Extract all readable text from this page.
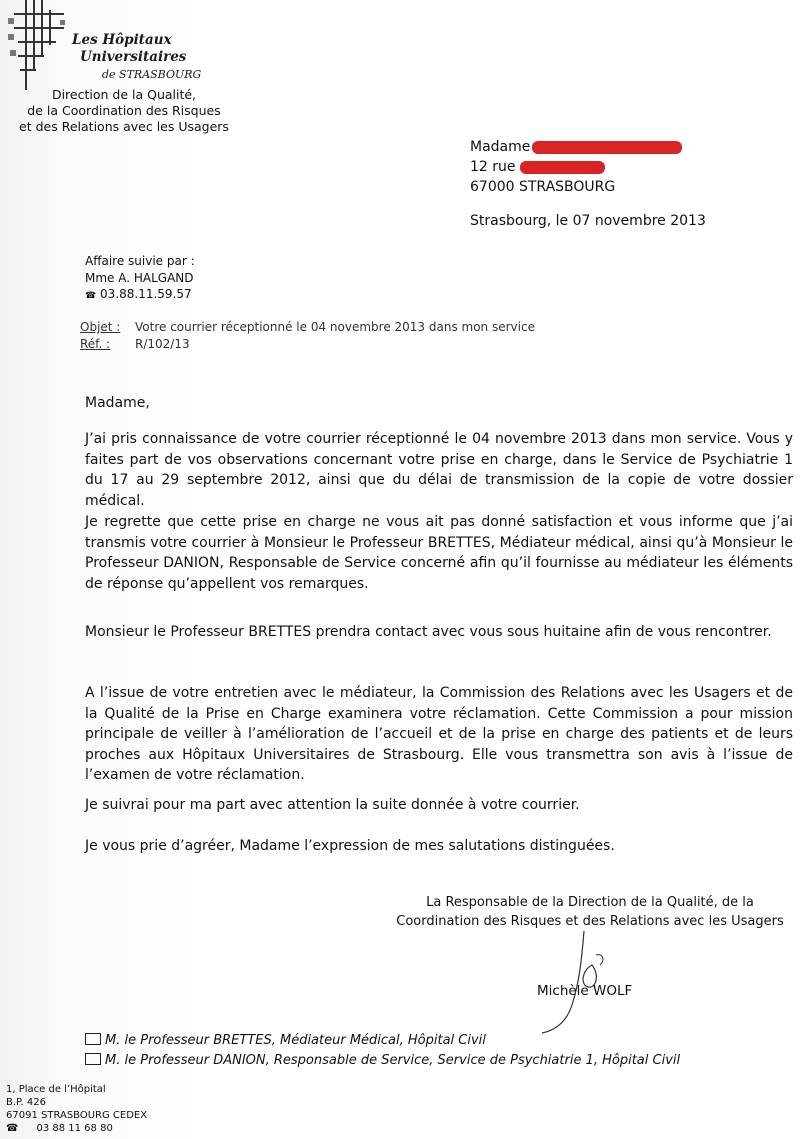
Les Hôpitaux
Universitaires
de STRASBOURG
Direction de la Qualité,
de la Coordination des Risques
et des Relations avec les Usagers
Madame
12 rue
67000 STRASBOURG
Strasbourg, le 07 novembre 2013
Affaire suivie par :
Mme A. HALGAND
☎ 03.88.11.59.57
Objet : Votre courrier réceptionné le 04 novembre 2013 dans mon service
Réf. : R/102/13
Madame,
J’ai pris connaissance de votre courrier réceptionné le 04 novembre 2013 dans mon service. Vous y faites part de vos observations concernant votre prise en charge, dans le Service de Psychiatrie 1 du 17 au 29 septembre 2012, ainsi que du délai de transmission de la copie de votre dossier médical.
Je regrette que cette prise en charge ne vous ait pas donné satisfaction et vous informe que j’ai transmis votre courrier à Monsieur le Professeur BRETTES, Médiateur médical, ainsi qu’à Monsieur le Professeur DANION, Responsable de Service concerné afin qu’il fournisse au médiateur les éléments de réponse qu’appellent vos remarques.
Monsieur le Professeur BRETTES prendra contact avec vous sous huitaine afin de vous rencontrer.
A l’issue de votre entretien avec le médiateur, la Commission des Relations avec les Usagers et de la Qualité de la Prise en Charge examinera votre réclamation. Cette Commission a pour mission principale de veiller à l’amélioration de l’accueil et de la prise en charge des patients et de leurs proches aux Hôpitaux Universitaires de Strasbourg. Elle vous transmettra son avis à l’issue de l’examen de votre réclamation.
Je suivrai pour ma part avec attention la suite donnée à votre courrier.
Je vous prie d’agréer, Madame l’expression de mes salutations distinguées.
La Responsable de la Direction de la Qualité, de la
Coordination des Risques et des Relations avec les Usagers
Michèle WOLF
M. le Professeur BRETTES, Médiateur Médical, Hôpital Civil
M. le Professeur DANION, Responsable de Service, Service de Psychiatrie 1, Hôpital Civil
1, Place de l’Hôpital
B.P. 426
67091 STRASBOURG CEDEX
☎ 03 88 11 68 80
